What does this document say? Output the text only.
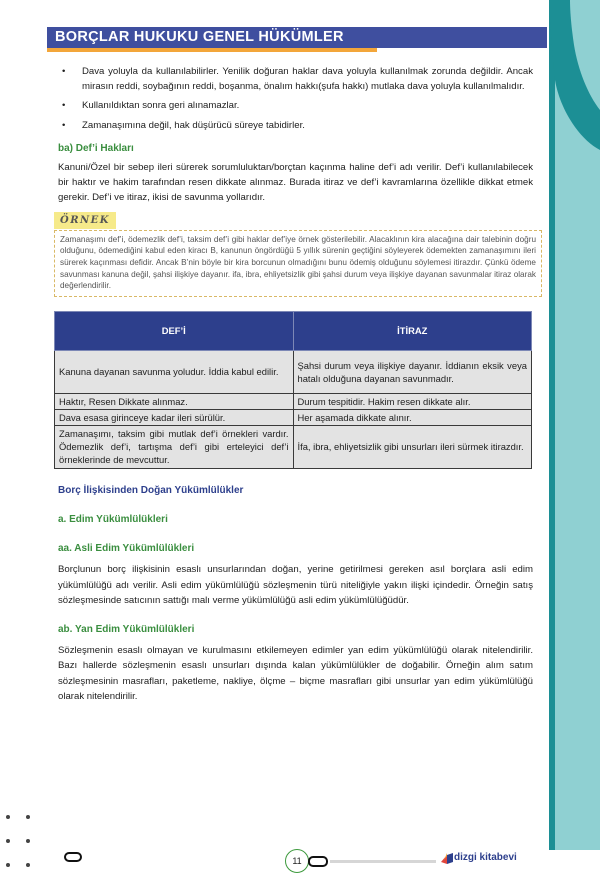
BORÇLAR HUKUKU GENEL HÜKÜMLER
• Dava yoluyla da kullanılabilirler. Yenilik doğuran haklar dava yoluyla kullanılmak zorunda değildir. Ancak mirasın reddi, soybağının reddi, boşanma, önalım hakkı(şufa hakkı) mutlaka dava yoluyla kullanılmalıdır.
• Kullanıldıktan sonra geri alınamazlar.
• Zamanaşımına değil, hak düşürücü süreye tabidirler.
ba) Def’i Hakları

Kanuni/Özel bir sebep ileri sürerek sorumluluktan/borçtan kaçınma haline def’i adı verilir. Def’i kullanılabilecek bir haktır ve hakim tarafından resen dikkate alınmaz. Burada itiraz ve def’i kavramlarına özellikle dikkat etmek gerekir. Def’i ve itiraz, ikisi de savunma yollarıdır.

ÖRNEK
Zamanaşımı def’i, ödemezlik def’i, taksim def’i gibi haklar def’iye örnek gösterilebilir. Alacaklının kira alacağına dair talebinin doğru olduğunu, ödemediğini kabul eden kiracı B, kanunun öngördüğü 5 yıllık sürenin geçtiğini söyleyerek ödemekten zamanaşımını ileri sürerek kaçınması defidir. Ancak B’nin böyle bir kira borcunun olmadığını bunu ödemiş olduğunu söylemesi itirazdır. Çünkü ödeme savunması kanuna değil, şahsi ilişkiye dayanır. ifa, ibra, ehliyetsizlik gibi şahsi durum veya ilişkiye dayanan savunmalar itiraz olarak değerlendirilir.
DEF’İ	İTİRAZ
Kanuna dayanan savunma yoludur. İddia kabul edilir.	Şahsi durum veya ilişkiye dayanır. İddianın eksik veya hatalı olduğuna dayanan savunmadır.
Haktır, Resen Dikkate alınmaz.	Durum tespitidir. Hakim resen dikkate alır.
Dava esasa girinceye kadar ileri sürülür.	Her aşamada dikkate alınır.
Zamanaşımı, taksim gibi mutlak def’i örnekleri vardır. Ödemezlik def’i, tartışma def’i gibi erteleyici def’i örneklerinde de mevcuttur.	İfa, ibra, ehliyetsizlik gibi unsurları ileri sürmek itirazdır.
Borç İlişkisinden Doğan Yükümlülükler
a. Edim Yükümlülükleri
aa. Asli Edim Yükümlülükleri

Borçlunun borç ilişkisinin esaslı unsurlarından doğan, yerine getirilmesi gereken asıl borçlara asli edim yükümlülüğü adı verilir. Asli edim yükümlülüğü sözleşmenin türü niteliğiyle yakın ilişki içindedir. Örneğin satış sözleşmesinde satıcının sattığı malı verme yükümlülüğü asli edim yükümlülüğüdür.

ab. Yan Edim Yükümlülükleri

Sözleşmenin esaslı olmayan ve kurulmasını etkilemeyen edimler yan edim yükümlülüğü olarak nitelendirilir. Bazı hallerde sözleşmenin esaslı unsurları dışında kalan yükümlülükler de doğabilir. Örneğin alım satım sözleşmesinin masrafları, paketleme, nakliye, ölçme – biçme masrafları gibi unsurlar yan edim yükümlülüğü olarak nitelendirilir.

11	dizgi kitabevi
